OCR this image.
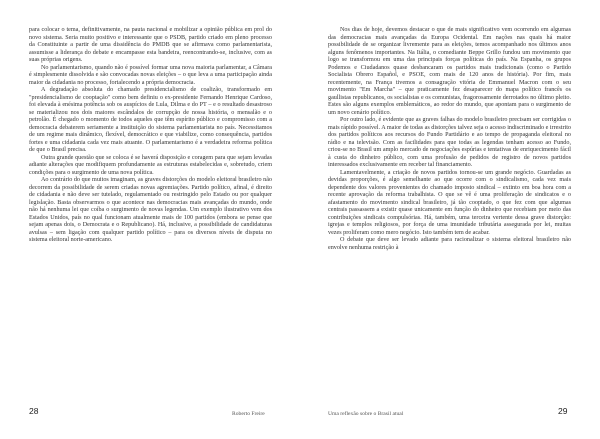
para colocar o tema, definitivamente, na pauta nacional e mobilizar a opinião pública em prol do novo sistema. Seria muito positivo e interessante que o PSDB, partido criado em pleno processo da Constituinte a partir de uma dissidência do PMDB que se afirmava como parlamentarista, assumisse a liderança do debate e encampasse esta bandeira, reencontrando-se, inclusive, com as suas próprias origens.

No parlamentarismo, quando não é possível formar uma nova maioria parlamentar, a Câmara é simplesmente dissolvida e são convocadas novas eleições – o que leva a uma participação ainda maior da cidadania no processo, fortalecendo a própria democracia.

A degradação absoluta do chamado presidencialismo de coalizão, transformado em "presidencialismo de cooptação" como bem definiu o ex-presidente Fernando Henrique Cardoso, foi elevada à enésima potência sob os auspícios de Lula, Dilma e do PT – e o resultado desastroso se materializou nos dois maiores escândalos de corrupção de nossa história, o mensalão e o petrolão. É chegado o momento de todos aqueles que têm espírito público e compromisso com a democracia debaterem seriamente a instituição do sistema parlamentarista no país. Necessitamos de um regime mais dinâmico, flexível, democrático e que viabilize, como consequência, partidos fortes e uma cidadania cada vez mais atuante. O parlamentarismo é a verdadeira reforma política de que o Brasil precisa.

Outra grande questão que se coloca é se haverá disposição e coragem para que sejam levadas adiante alterações que modifiquem profundamente as estruturas estabelecidas e, sobretudo, criem condições para o surgimento de uma nova política.

Ao contrário do que muitos imaginam, as graves distorções do modelo eleitoral brasileiro não decorrem da possibilidade de serem criadas novas agremiações. Partido político, afinal, é direito de cidadania e não deve ser tutelado, regulamentado ou restringido pelo Estado ou por qualquer legislação. Basta observarmos o que acontece nas democracias mais avançadas do mundo, onde não há nenhuma lei que coíba o surgimento de novas legendas. Um exemplo ilustrativo vem dos Estados Unidos, país no qual funcionam atualmente mais de 100 partidos (embora se pense que sejam apenas dois, o Democrata e o Republicano). Há, inclusive, a possibilidade de candidaturas avulsas – sem ligação com qualquer partido político – para os diversos níveis de disputa no sistema eleitoral norte-americano.

Nos dias de hoje, devemos destacar o que de mais significativo vem ocorrendo em algumas das democracias mais avançadas da Europa Ocidental. Em nações nas quais há maior possibilidade de se organizar livremente para as eleições, temos acompanhado nos últimos anos alguns fenômenos importantes. Na Itália, o comediante Beppe Grillo fundou um movimento que logo se transformou em uma das principais forças políticas do país. Na Espanha, os grupos Podemos e Ciudadanos quase desbancaram os partidos mais tradicionais (como o Partido Socialista Obrero Español, e PSOE, com mais de 120 anos de história). Por fim, mais recentemente, na França tivemos a consagração vitória de Emmanuel Macron com o seu movimento "Em Marcha" – que praticamente fez desaparecer do mapa político francês os gaullistas republicanos, os socialistas e os comunistas, fragorosamente derrotados no último pleito. Estes são alguns exemplos emblemáticos, ao redor do mundo, que apontam para o surgimento de um novo cenário político.

Por outro lado, é evidente que as graves falhas do modelo brasileiro precisam ser corrigidas o mais rápido possível. A maior de todas as distorções talvez seja o acesso indiscriminado e irrestrito dos partidos políticos aos recursos do Fundo Partidário e ao tempo de propaganda eleitoral no rádio e na televisão. Com as facilidades para que todas as legendas tenham acesso ao Fundo, criou-se no Brasil um amplo mercado de negociações espúrias e tentativas de enriquecimento fácil à custa do dinheiro público, com uma profusão de pedidos de registro de novos partidos interessados exclusivamente em receber tal financiamento.

Lamentavelmente, a criação de novos partidos tornou-se um grande negócio. Guardadas as devidas proporções, é algo semelhante ao que ocorre com o sindicalismo, cada vez mais dependente dos valores provenientes do chamado imposto sindical – extinto em boa hora com a recente aprovação da reforma trabalhista. O que se vê é uma proliferação de sindicatos e o afastamento do movimento sindical brasileiro, já tão cooptado, o que fez com que algumas centrais passassem a existir quase unicamente em função do dinheiro que recebiam por meio das contribuições sindicais compulsórias. Há, também, uma terceira vertente dessa grave distorção: igrejas e templos religiosos, por força de uma imunidade tributária assegurada por lei, muitas vezes proliferam como mero negócio. Isto também tem de acabar.

O debate que deve ser levado adiante para racionalizar o sistema eleitoral brasileiro não envolve nenhuma restrição à

28	Roberto Freire	Uma reflexão sobre o Brasil atual	29
